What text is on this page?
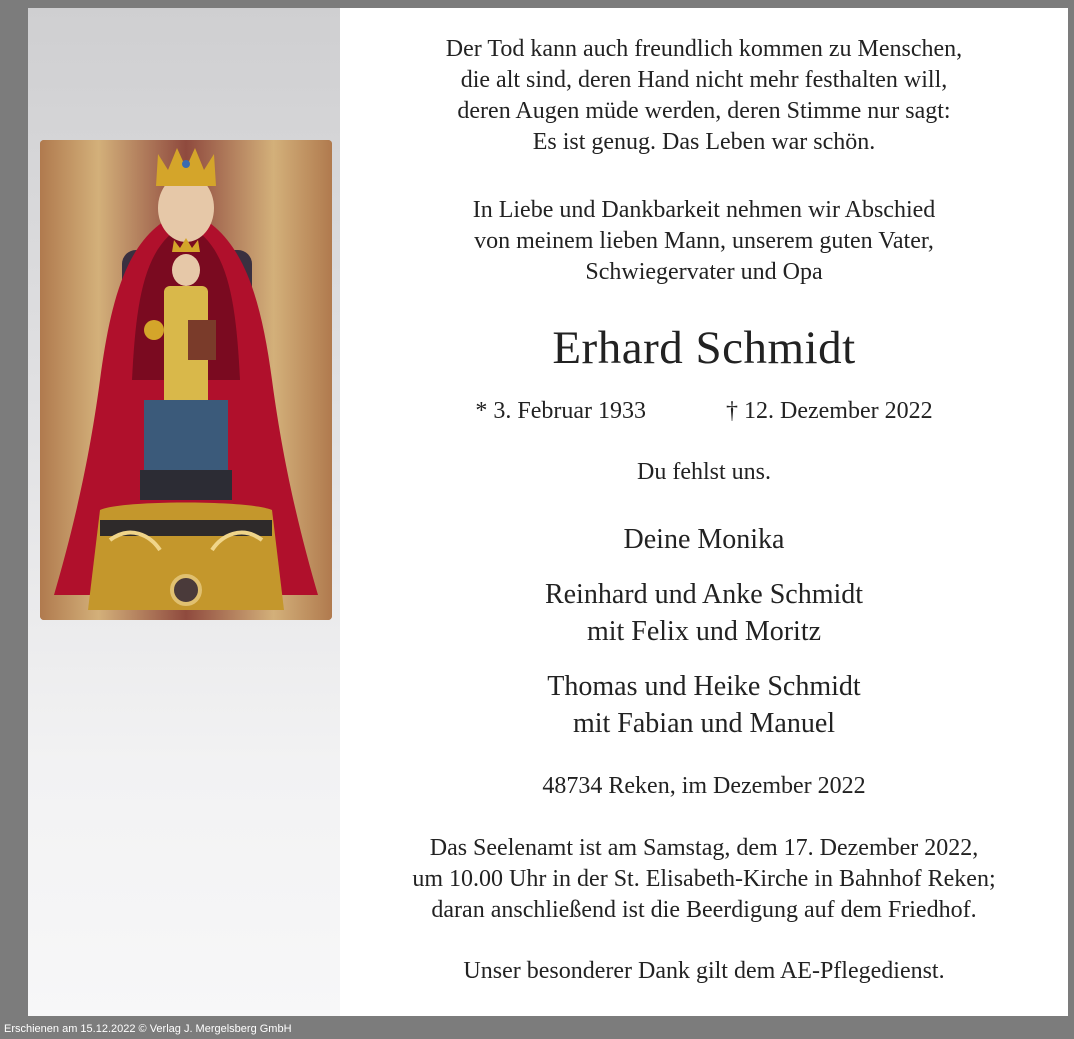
Der Tod kann auch freundlich kommen zu Menschen,
die alt sind, deren Hand nicht mehr festhalten will,
deren Augen müde werden, deren Stimme nur sagt:
Es ist genug. Das Leben war schön.
In Liebe und Dankbarkeit nehmen wir Abschied
von meinem lieben Mann, unserem guten Vater,
Schwiegervater und Opa
Erhard Schmidt
* 3. Februar 1933	† 12. Dezember 2022
Du fehlst uns.
Deine Monika
Reinhard und Anke Schmidt
mit Felix und Moritz
Thomas und Heike Schmidt
mit Fabian und Manuel
48734 Reken, im Dezember 2022
Das Seelenamt ist am Samstag, dem 17. Dezember 2022,
um 10.00 Uhr in der St. Elisabeth-Kirche in Bahnhof Reken;
daran anschließend ist die Beerdigung auf dem Friedhof.
Unser besonderer Dank gilt dem AE-Pflegedienst.
Erschienen am 15.12.2022 © Verlag J. Mergelsberg GmbH
